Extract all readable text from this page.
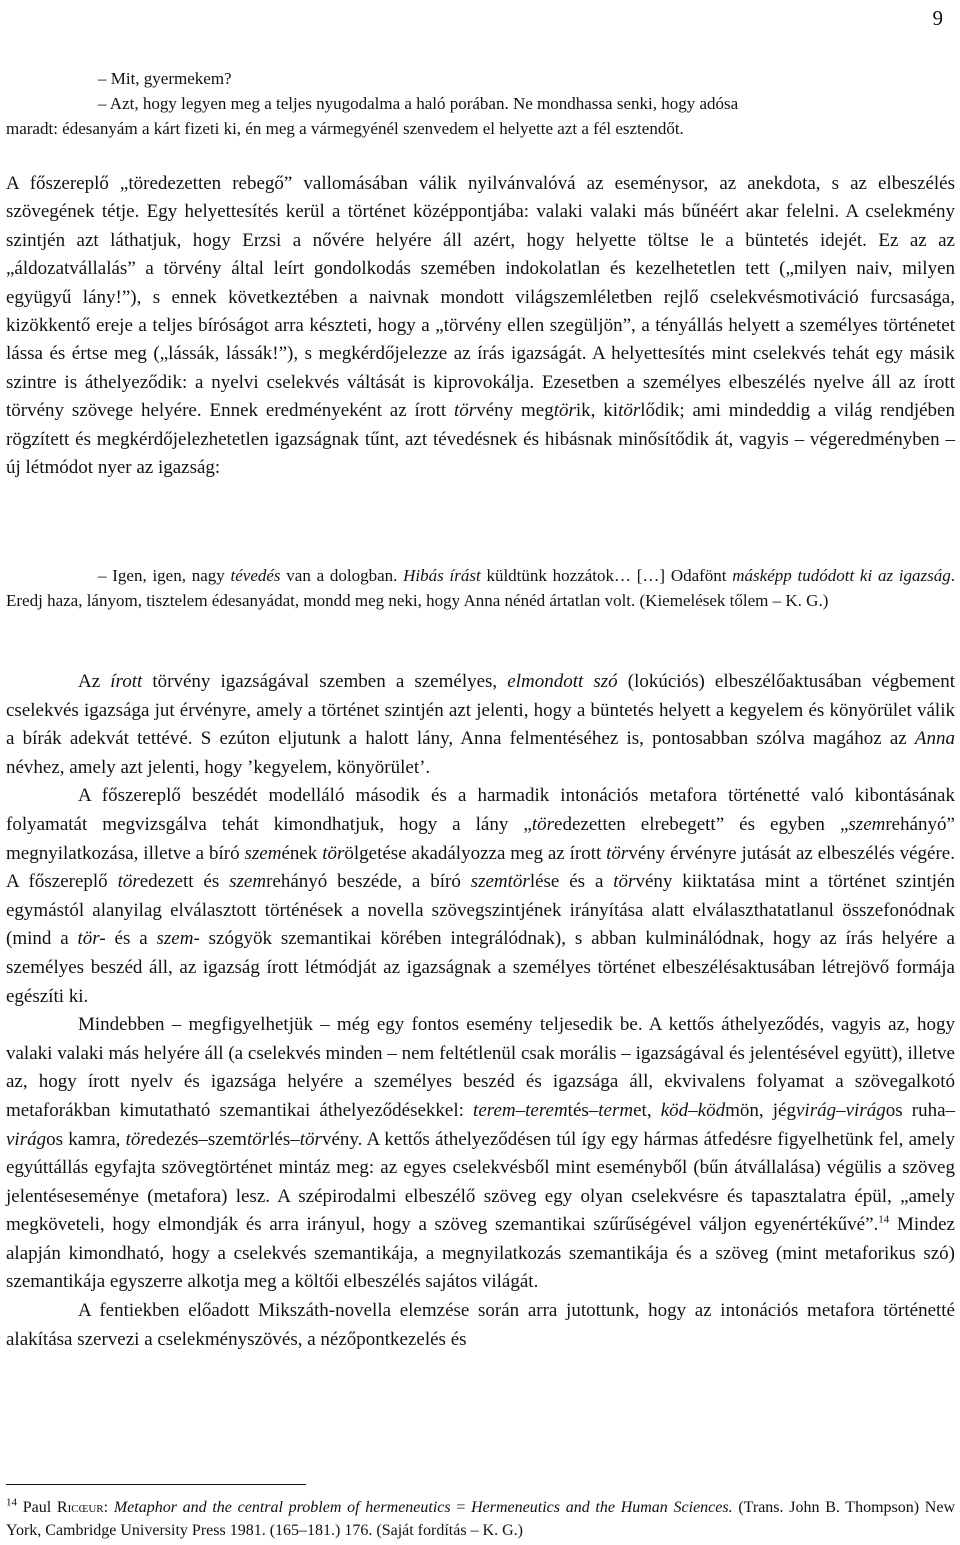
9

– Mit, gyermekem?

– Azt, hogy legyen meg a teljes nyugodalma a haló porában. Ne mondhassa senki, hogy adósa

maradt: édesanyám a kárt fizeti ki, én meg a vármegyénél szenvedem el helyette azt a fél esztendőt.

A főszereplő „töredezetten rebegő” vallomásában válik nyilvánvalóvá az eseménysor, az anekdota, s az elbeszélés szövegének tétje. Egy helyettesítés kerül a történet középpontjába: valaki valaki más bűnéért akar felelni. A cselekmény szintjén azt láthatjuk, hogy Erzsi a nővére helyére áll azért, hogy helyette töltse le a büntetés idejét. Ez az az „áldozatvállalás” a törvény által leírt gondolkodás szemében indokolatlan és kezelhetetlen tett („milyen naiv, milyen együgyű lány!”), s ennek következtében a naivnak mondott világszemléletben rejlő cselekvésmotiváció furcsasága, kizökkentő ereje a teljes bíróságot arra készteti, hogy a „törvény ellen szegüljön”, a tényállás helyett a személyes történetet lássa és értse meg („lássák, lássák!”), s megkérdőjelezze az írás igazságát. A helyettesítés mint cselekvés tehát egy másik szintre is áthelyeződik: a nyelvi cselekvés váltását is kiprovokálja. Ezesetben a személyes elbeszélés nyelve áll az írott törvény szövege helyére. Ennek eredményeként az írott törvény megtörik, kitörlődik; ami mindeddig a világ rendjében rögzített és megkérdőjelezhetetlen igazságnak tűnt, azt tévedésnek és hibásnak minősítődik át, vagyis – végeredményben – új létmódot nyer az igazság:

– Igen, igen, nagy tévedés van a dologban. Hibás írást küldtünk hozzátok… […] Odafönt másképp tudódott ki az igazság. Eredj haza, lányom, tisztelem édesanyádat, mondd meg neki, hogy Anna nénéd ártatlan volt. (Kiemelések tőlem – K. G.)

Az írott törvény igazságával szemben a személyes, elmondott szó (lokúciós) elbeszélőaktusában végbement cselekvés igazsága jut érvényre, amely a történet szintjén azt jelenti, hogy a büntetés helyett a kegyelem és könyörület válik a bírák adekvát tettévé. S ezúton eljutunk a halott lány, Anna felmentéséhez is, pontosabban szólva magához az Anna névhez, amely azt jelenti, hogy ’kegyelem, könyörület’.

A főszereplő beszédét modelláló második és a harmadik intonációs metafora történetté való kibontásának folyamatát megvizsgálva tehát kimondhatjuk, hogy a lány „töredezetten elrebegett” és egyben „szemrehányó” megnyilatkozása, illetve a bíró szemének törölgetése akadályozza meg az írott törvény érvényre jutását az elbeszélés végére. A főszereplő töredezett és szemrehányó beszéde, a bíró szemtörlése és a törvény kiiktatása mint a történet szintjén egymástól alanyilag elválasztott történések a novella szövegszintjének irányítása alatt elválaszthatatlanul összefonódnak (mind a tör- és a szem- szógyök szemantikai körében integrálódnak), s abban kulminálódnak, hogy az írás helyére a személyes beszéd áll, az igazság írott létmódját az igazságnak a személyes történet elbeszélésaktusában létrejövő formája egészíti ki.

Mindebben – megfigyelhetjük – még egy fontos esemény teljesedik be. A kettős áthelyeződés, vagyis az, hogy valaki valaki más helyére áll (a cselekvés minden – nem feltétlenül csak morális – igazságával és jelentésével együtt), illetve az, hogy írott nyelv és igazsága helyére a személyes beszéd és igazsága áll, ekvivalens folyamat a szövegalkotó metaforákban kimutatható szemantikai áthelyeződésekkel: terem–teremtés–termet, köd–ködmön, jégvirág–virágos ruha–virágos kamra, töredezés–szemtörlés–törvény. A kettős áthelyeződésen túl így egy hármas átfedésre figyelhetünk fel, amely egyúttállás egyfajta szövegtörténet mintáz meg: az egyes cselekvésből mint eseményből (bűn átvállalása) végülis a szöveg jelentéseseménye (metafora) lesz. A szépirodalmi elbeszélő szöveg egy olyan cselekvésre és tapasztalatra épül, „amely megköveteli, hogy elmondják és arra irányul, hogy a szöveg szemantikai szűrűségével váljon egyenértékűvé”.$^{14}$ Mindez alapján kimondható, hogy a cselekvés szemantikája, a megnyilatkozás szemantikája és a szöveg (mint metaforikus szó) szemantikája egyszerre alkotja meg a költői elbeszélés sajátos világát.

A fentiekben előadott Mikszáth-novella elemzése során arra jutottunk, hogy az intonációs metafora történetté alakítása szervezi a cselekményszövés, a nézőpontkezelés és

$^{14}$ Paul Ricœur: Metaphor and the central problem of hermeneutics = Hermeneutics and the Human Sciences. (Trans. John B. Thompson) New York, Cambridge University Press 1981. (165–181.) 176. (Saját fordítás – K. G.)
